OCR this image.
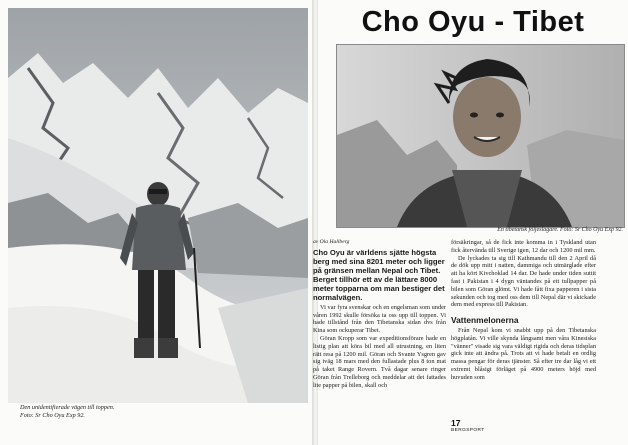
Den unidentifierade vägen till toppen.
Foto: Sr Cho Oyu Exp 92.
Cho Oyu - Tibet
En tibetansk följeslagare. Foto: Sr Cho Oyu Exp 92.
av Ola Hallberg

Cho Oyu är världens sjätte högsta berg med sina 8201 meter och ligger på gränsen mellan Nepal och Tibet. Berget tillhör ett av de lättare 8000 meter topparna om man bestiger det normalvägen.

Vi var fyra svenskar och en engelsman som under våren 1992 skulle försöka ta oss upp till toppen. Vi hade tillstånd från den Tibetanska sidan dvs från Kina som ockuperar Tibet.

Göran Kropp som var expeditionsförare hade en listig plan att köra bil med all utrustning, en liten rätt resa på 1200 mil. Göran och Svante Ysgren gav sig iväg 18 mars med den fullastade plus 8 ton mat på taket Range Rovern. Två dagar senare ringer Göran från Trelleborg och meddelar att det fattades lite papper på bilen, skall och

försäkringar, så de fick inte komma in i Tyskland utan fick återvända till Sverige igen, 12 dar och 1200 mil mm.

De lyckades ta sig till Kathmandu till den 2 April då de dök upp mitt i natten, dammiga och utmärglade efter att ha kört Kivchoklad 14 dar. De hade under tiden suttit fast i Pakistan i 4 dygn väntandes på ett tullpapper på bilen som Göran glömt. Vi hade fått fixa papperen i sista sekunden och tog med oss dem till Nepal där vi skickade dem med express till Pakistan.

Vattenmelonerna

Från Nepal kom vi snabbt upp på den Tibetanska högplatån. Vi ville skynda långsamt men våra Kinesiska "vänner" visade sig vara väldigt rigida och deras tidsplan gick inte att ändra på. Trots att vi hade betalt en ordlig massa pengar för deras tjänster. Så efter tre dar låg vi ett extremt blåsigt förläget på 4900 meters höjd med huvuden som

17
BERGSPORT
